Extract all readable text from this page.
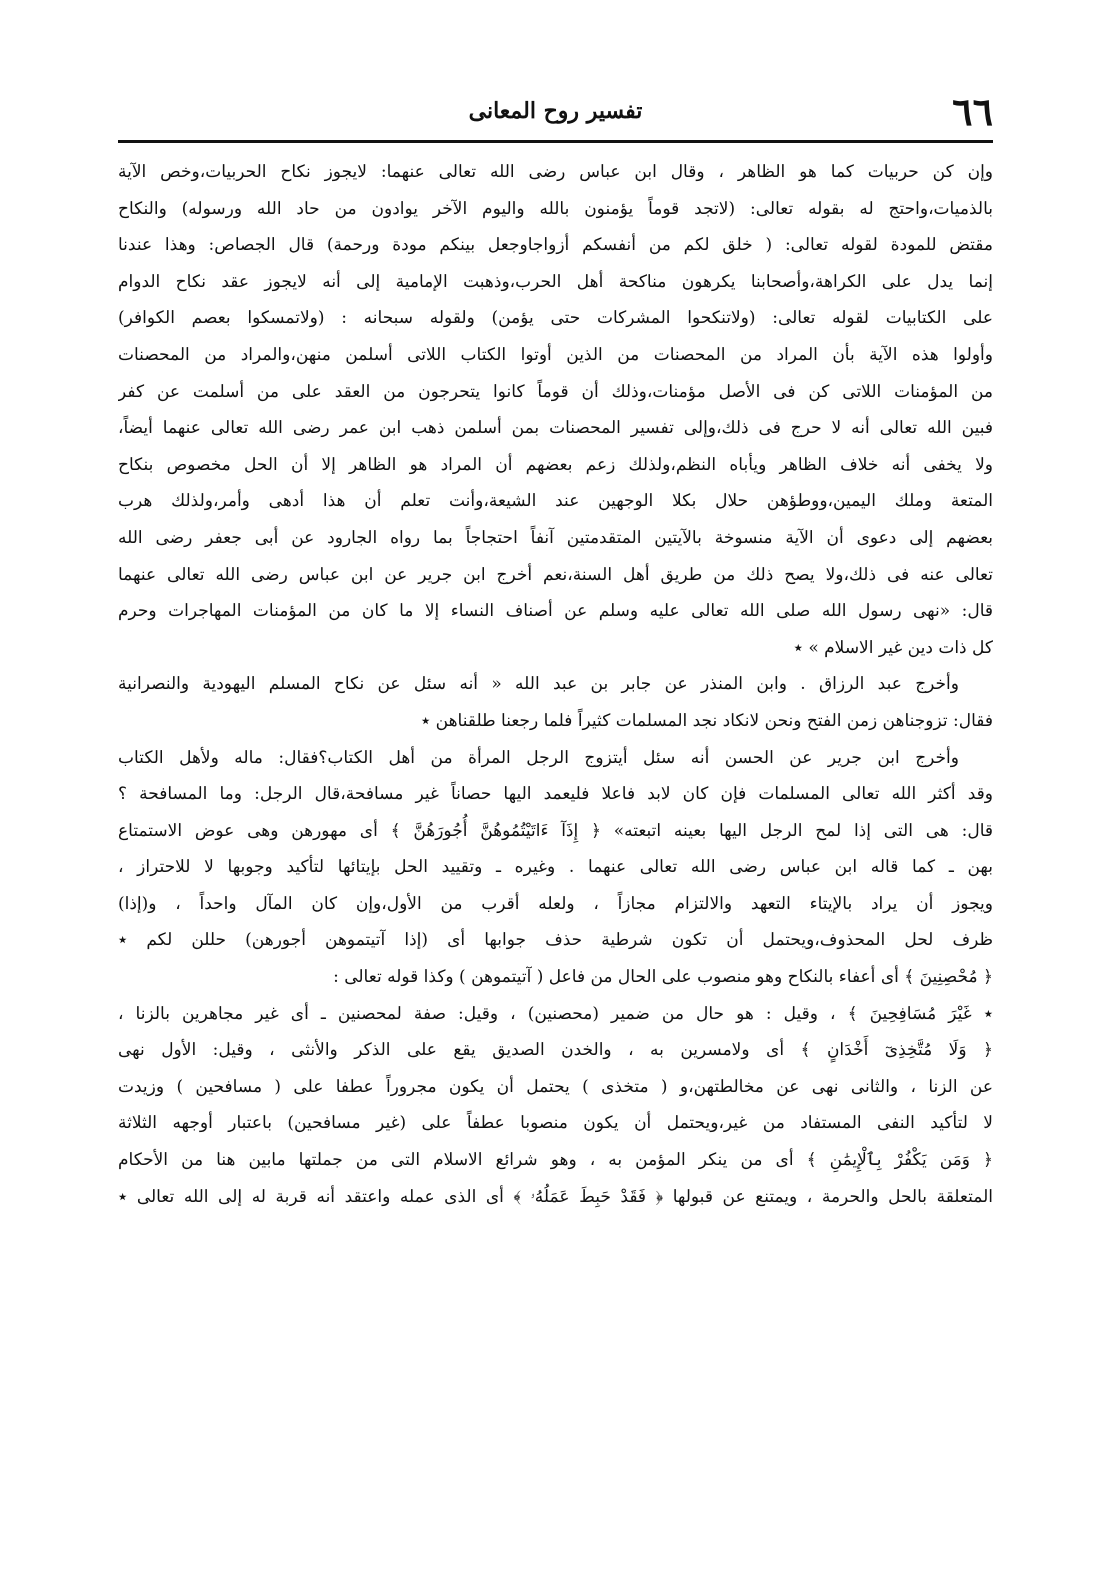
٦٦
تفسير روح المعانى
وإن كن حربيات كما هو الظاهر ، وقال ابن عباس رضى الله تعالى عنهما: لايجوز نكاح الحربيات،وخص الآية
بالذميات،واحتج له بقوله تعالى: (لاتجد قوماً يؤمنون بالله واليوم الآخر يوادون من حاد الله ورسوله) والنكاح
مقتض للمودة لقوله تعالى: ( خلق لكم من أنفسكم أزواجاوجعل بينكم مودة ورحمة) قال الجصاص: وهذا عندنا
إنما يدل على الكراهة،وأصحابنا يكرهون مناكحة أهل الحرب،وذهبت الإمامية إلى أنه لايجوز عقد نكاح الدوام
على الكتابيات لقوله تعالى: (ولاتنكحوا المشركات حتى يؤمن) ولقوله سبحانه : (ولاتمسكوا بعصم الكوافر)
وأولوا هذه الآية بأن المراد من المحصنات من الذين أوتوا الكتاب اللاتى أسلمن منهن،والمراد من المحصنات
من المؤمنات اللاتى كن فى الأصل مؤمنات،وذلك أن قوماً كانوا يتحرجون من العقد على من أسلمت عن كفر
فبين الله تعالى أنه لا حرج فى ذلك،وإلى تفسير المحصنات بمن أسلمن ذهب ابن عمر رضى الله تعالى عنهما أيضاً،
ولا يخفى أنه خلاف الظاهر ويأباه النظم،ولذلك زعم بعضهم أن المراد هو الظاهر إلا أن الحل مخصوص بنكاح
المتعة وملك اليمين،ووطؤهن حلال بكلا الوجهين عند الشيعة،وأنت تعلم أن هذا أدهى وأمر،ولذلك هرب
بعضهم إلى دعوى أن الآية منسوخة بالآيتين المتقدمتين آنفاً احتجاجاً بما رواه الجارود عن أبى جعفر رضى الله
تعالى عنه فى ذلك،ولا يصح ذلك من طريق أهل السنة،نعم أخرج ابن جرير عن ابن عباس رضى الله تعالى عنهما
قال: «نهى رسول الله صلى الله تعالى عليه وسلم عن أصناف النساء إلا ما كان من المؤمنات المهاجرات وحرم
كل ذات دين غير الاسلام » ٭
وأخرج عبد الرزاق . وابن المنذر عن جابر بن عبد الله « أنه سئل عن نكاح المسلم اليهودية والنصرانية
فقال: تزوجناهن زمن الفتح ونحن لانكاد نجد المسلمات كثيراً فلما رجعنا طلقناهن ٭
وأخرج ابن جرير عن الحسن أنه سئل أيتزوج الرجل المرأة من أهل الكتاب؟فقال: ماله ولأهل الكتاب
وقد أكثر الله تعالى المسلمات فإن كان لابد فاعلا فليعمد اليها حصاناً غير مسافحة،قال الرجل: وما المسافحة ؟
قال: هى التى إذا لمح الرجل اليها بعينه اتبعته» ﴿ إِذَآ ءَاتَيْتُمُوهُنَّ أُجُورَهُنَّ ﴾ أى مهورهن وهى عوض الاستمتاع
بهن ـ كما قاله ابن عباس رضى الله تعالى عنهما . وغيره ـ وتقييد الحل بإيتائها لتأكيد وجوبها لا للاحتراز ،
ويجوز أن يراد بالإيتاء التعهد والالتزام مجازاً ، ولعله أقرب من الأول،وإن كان المآل واحداً ، و(إذا)
ظرف لحل المحذوف،ويحتمل أن تكون شرطية حذف جوابها أى (إذا آتيتموهن أجورهن) حللن لكم ٭
﴿ مُحْصِنِينَ ﴾ أى أعفاء بالنكاح وهو منصوب على الحال من فاعل ( آتيتموهن ) وكذا قوله تعالى :
٭ غَيْرَ مُسَافِحِينَ ﴾ ، وقيل : هو حال من ضمير (محصنين) ، وقيل: صفة لمحصنين ـ أى غير مجاهرين بالزنا ،
﴿ وَلَا مُتَّخِذِىٓ أَخْدَانٍ ﴾ أى ولامسرين به ، والخدن الصديق يقع على الذكر والأنثى ، وقيل: الأول نهى
عن الزنا ، والثانى نهى عن مخالطتهن،و ( متخذى ) يحتمل أن يكون مجروراً عطفا على ( مسافحين ) وزيدت
لا لتأكيد النفى المستفاد من غير،ويحتمل أن يكون منصوبا عطفاً على (غير مسافحين) باعتبار أوجهه الثلاثة
﴿ وَمَن يَكْفُرْ بِٱلْإِيمَٰنِ ﴾ أى من ينكر المؤمن به ، وهو شرائع الاسلام التى من جملتها مابين هنا من الأحكام
المتعلقة بالحل والحرمة ، ويمتنع عن قبولها ﴿ فَقَدْ حَبِطَ عَمَلُهُۥ ﴾ أى الذى عمله واعتقد أنه قربة له إلى الله تعالى ٭
